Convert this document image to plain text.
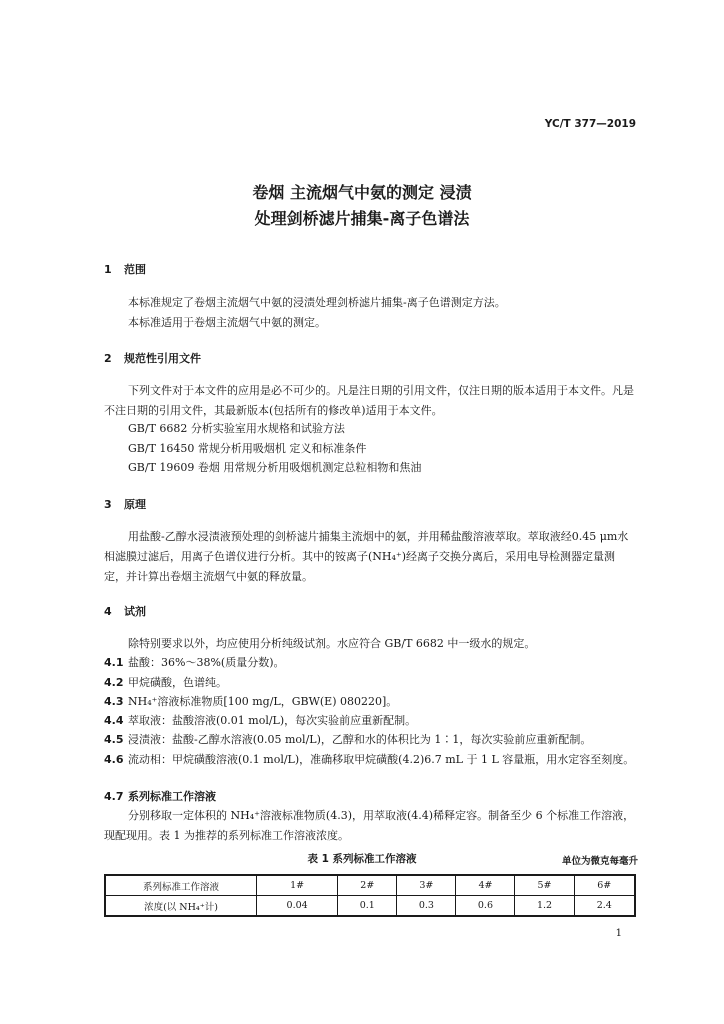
YC/T 377—2019
卷烟 主流烟气中氨的测定 浸渍
处理剑桥滤片捕集-离子色谱法
1 范围
本标准规定了卷烟主流烟气中氨的浸渍处理剑桥滤片捕集-离子色谱测定方法。
本标准适用于卷烟主流烟气中氨的测定。
2 规范性引用文件
下列文件对于本文件的应用是必不可少的。凡是注日期的引用文件，仅注日期的版本适用于本文件。凡是不注日期的引用文件，其最新版本(包括所有的修改单)适用于本文件。
GB/T 6682 分析实验室用水规格和试验方法
GB/T 16450 常规分析用吸烟机 定义和标准条件
GB/T 19609 卷烟 用常规分析用吸烟机测定总粒相物和焦油
3 原理
用盐酸-乙醇水浸渍液预处理的剑桥滤片捕集主流烟中的氨，并用稀盐酸溶液萃取。萃取液经0.45 μm水相滤膜过滤后，用离子色谱仪进行分析。其中的铵离子(NH₄⁺)经离子交换分离后，采用电导检测器定量测定，并计算出卷烟主流烟气中氨的释放量。
4 试剂
除特别要求以外，均应使用分析纯级试剂。水应符合 GB/T 6682 中一级水的规定。
4.1 盐酸：36%～38%(质量分数)。
4.2 甲烷磺酸，色谱纯。
4.3 NH₄⁺溶液标准物质[100 mg/L，GBW(E) 080220]。
4.4 萃取液：盐酸溶液(0.01 mol/L)，每次实验前应重新配制。
4.5 浸渍液：盐酸-乙醇水溶液(0.05 mol/L)，乙醇和水的体积比为 1∶1，每次实验前应重新配制。
4.6 流动相：甲烷磺酸溶液(0.1 mol/L)，准确移取甲烷磺酸(4.2)6.7 mL 于 1 L 容量瓶，用水定容至刻度。
4.7 系列标准工作溶液
分别移取一定体积的 NH₄⁺溶液标准物质(4.3)，用萃取液(4.4)稀释定容。制备至少 6 个标准工作溶液，现配现用。表 1 为推荐的系列标准工作溶液浓度。
表 1 系列标准工作溶液	单位为微克每毫升
系列标准工作溶液	1#	2#	3#	4#	5#	6#
浓度(以 NH₄⁺计)	0.04	0.1	0.3	0.6	1.2	2.4
1
